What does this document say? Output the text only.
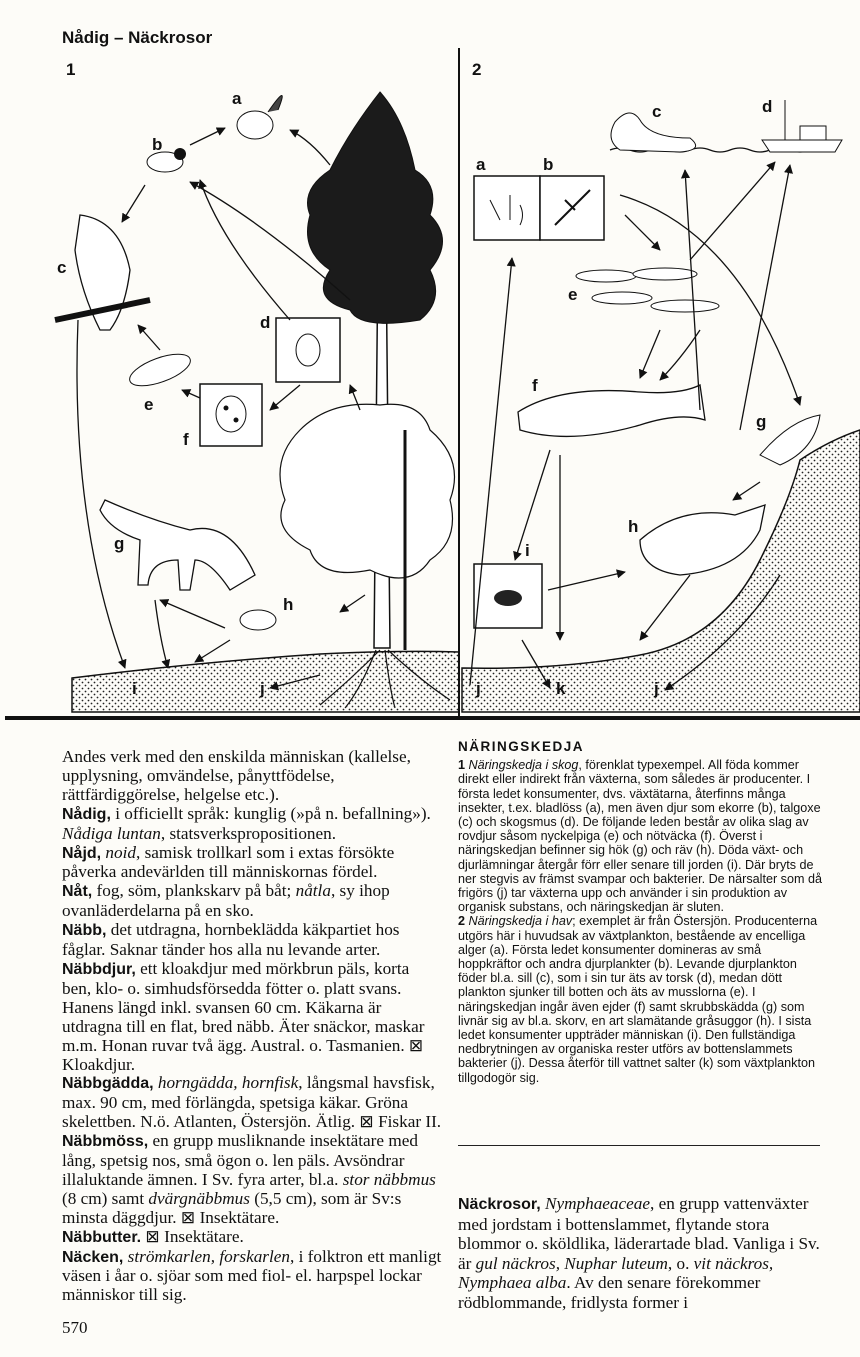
Nådig – Näckrosor
1	2
a
b
c
d
e
f
g
h
i	j
a	b
c	d
e
f
g
h
i
j	k	j

Andes verk med den enskilda människan (kallelse, upplysning, omvändelse, pånyttfödelse, rättfärdiggörelse, helgelse etc.).

Nådig, i officiellt språk: kunglig (»på n. befallning»). Nådiga luntan, statsverkspropositionen.

Nåjd, noid, samisk trollkarl som i extas försökte påverka andevärlden till människornas fördel.

Nåt, fog, söm, plankskarv på båt; nåtla, sy ihop ovanläderdelarna på en sko.

Näbb, det utdragna, hornbeklädda käkpartiet hos fåglar. Saknar tänder hos alla nu levande arter.

Näbbdjur, ett kloakdjur med mörkbrun päls, korta ben, klo- o. simhudsförsedda fötter o. platt svans. Hanens längd inkl. svansen 60 cm. Käkarna är utdragna till en flat, bred näbb. Äter snäckor, maskar m.m. Honan ruvar två ägg. Austral. o. Tasmanien. ⊠ Kloakdjur.

Näbbgädda, horngädda, hornfisk, långsmal havsfisk, max. 90 cm, med förlängda, spetsiga käkar. Gröna skelettben. N.ö. Atlanten, Östersjön. Ätlig. ⊠ Fiskar II.

Näbbmöss, en grupp musliknande insektätare med lång, spetsig nos, små ögon o. len päls. Avsöndrar illaluktande ämnen. I Sv. fyra arter, bl.a. stor näbbmus (8 cm) samt dvärgnäbbmus (5,5 cm), som är Sv:s minsta däggdjur. ⊠ Insektätare.

Näbbutter. ⊠ Insektätare.

Näcken, strömkarlen, forskarlen, i folktron ett manligt väsen i åar o. sjöar som med fiol- el. harpspel lockar människor till sig.

NÄRINGSKEDJA

1 Näringskedja i skog, förenklat typexempel. All föda kommer direkt eller indirekt från växterna, som således är producenter. I första ledet konsumenter, dvs. växtätarna, återfinns många insekter, t.ex. bladlöss (a), men även djur som ekorre (b), talgoxe (c) och skogsmus (d). De följande leden består av olika slag av rovdjur såsom nyckelpiga (e) och nötväcka (f). Överst i näringskedjan befinner sig hök (g) och räv (h). Döda växt- och djurlämningar återgår förr eller senare till jorden (i). Där bryts de ner stegvis av främst svampar och bakterier. De närsalter som då frigörs (j) tar växterna upp och använder i sin produktion av organisk substans, och näringskedjan är sluten.

2 Näringskedja i hav; exemplet är från Östersjön. Producenterna utgörs här i huvudsak av växtplankton, bestående av encelliga alger (a). Första ledet konsumenter domineras av små hoppkräftor och andra djurplankter (b). Levande djurplankton föder bl.a. sill (c), som i sin tur äts av torsk (d), medan dött plankton sjunker till botten och äts av musslorna (e). I näringskedjan ingår även ejder (f) samt skrubbskädda (g) som livnär sig av bl.a. skorv, en art slamätande gråsuggor (h). I sista ledet konsumenter uppträder människan (i). Den fullständiga nedbrytningen av organiska rester utförs av bottenslammets bakterier (j). Dessa återför till vattnet salter (k) som växtplankton tillgodogör sig.

Näckrosor, Nymphaeaceae, en grupp vattenväxter med jordstam i bottenslammet, flytande stora blommor o. sköldlika, läderartade blad. Vanliga i Sv. är gul näckros, Nuphar luteum, o. vit näckros, Nymphaea alba. Av den senare förekommer rödblommande, fridlysta former i

570
